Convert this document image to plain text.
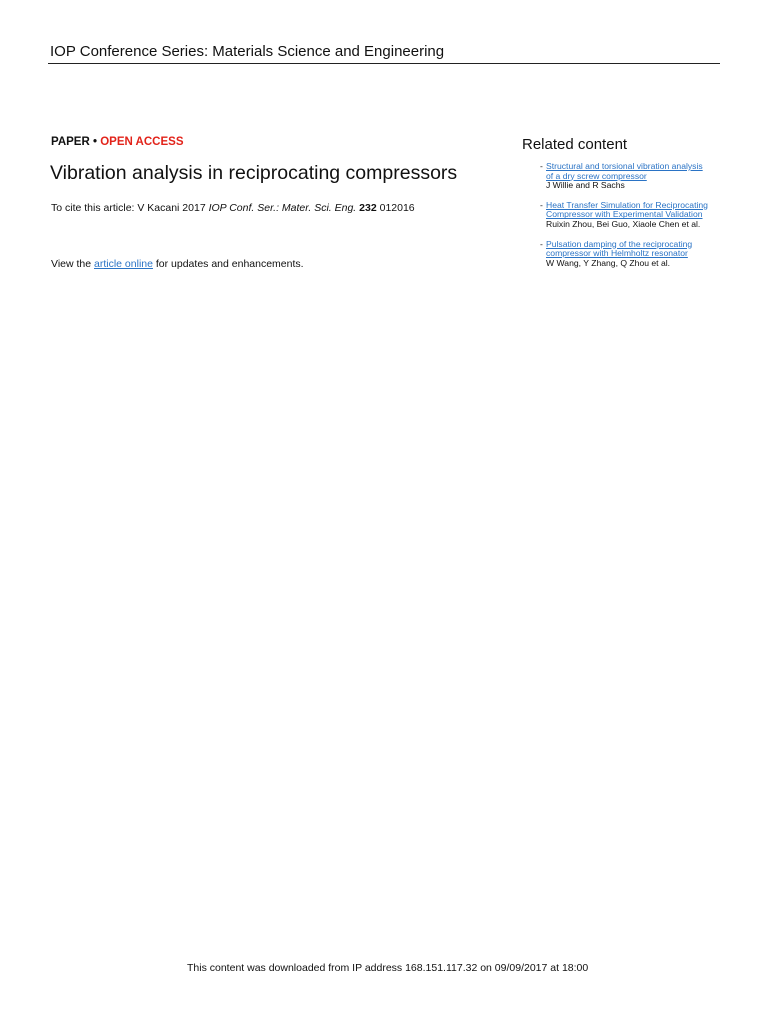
IOP Conference Series: Materials Science and Engineering
PAPER • OPEN ACCESS
Vibration analysis in reciprocating compressors
To cite this article: V Kacani 2017 IOP Conf. Ser.: Mater. Sci. Eng. 232 012016
View the article online for updates and enhancements.
Related content
- Structural and torsional vibration analysis
of a dry screw compressor
J Willie and R Sachs
- Heat Transfer Simulation for Reciprocating
Compressor with Experimental Validation
Ruixin Zhou, Bei Guo, Xiaole Chen et al.
- Pulsation damping of the reciprocating
compressor with Helmholtz resonator
W Wang, Y Zhang, Q Zhou et al.
This content was downloaded from IP address 168.151.117.32 on 09/09/2017 at 18:00
